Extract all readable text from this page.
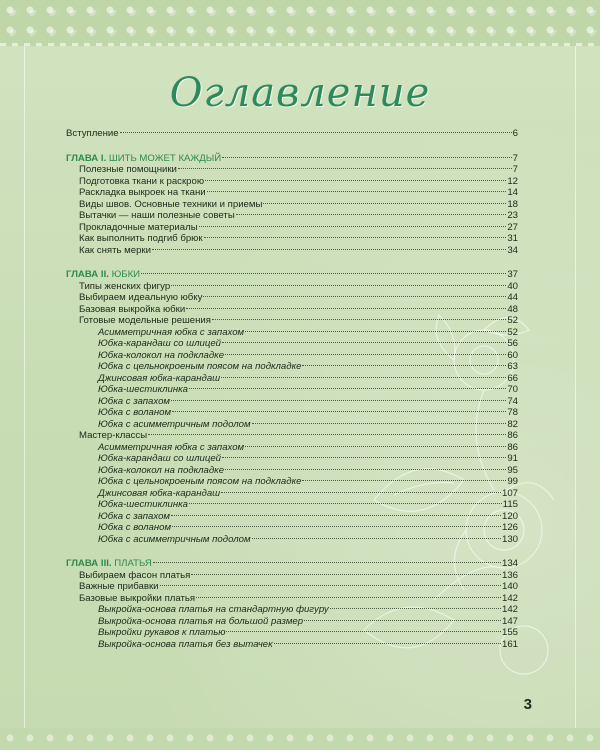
Оглавление
Вступление	6
ГЛАВА I. ШИТЬ МОЖЕТ КАЖДЫЙ	7
Полезные помощники	7
Подготовка ткани к раскрою	12
Раскладка выкроек на ткани	14
Виды швов. Основные техники и приемы	18
Вытачки — наши полезные советы	23
Прокладочные материалы	27
Как выполнить подгиб брюк	31
Как снять мерки	34
ГЛАВА II. ЮБКИ	37
Типы женских фигур	40
Выбираем идеальную юбку	44
Базовая выкройка юбки	48
Готовые модельные решения	52
Асимметричная юбка с запахом	52
Юбка-карандаш со шлицей	56
Юбка-колокол на подкладке	60
Юбка с цельнокроеным поясом на подкладке	63
Джинсовая юбка-карандаш	66
Юбка-шестиклинка	70
Юбка с запахом	74
Юбка с воланом	78
Юбка с асимметричным подолом	82
Мастер-классы	86
Асимметричная юбка с запахом	86
Юбка-карандаш со шлицей	91
Юбка-колокол на подкладке	95
Юбка с цельнокроеным поясом на подкладке	99
Джинсовая юбка-карандаш	107
Юбка-шестиклинка	115
Юбка с запахом	120
Юбка с воланом	126
Юбка с асимметричным подолом	130
ГЛАВА III. ПЛАТЬЯ	134
Выбираем фасон платья	136
Важные прибавки	140
Базовые выкройки платья	142
Выкройка-основа платья на стандартную фигуру	142
Выкройка-основа платья на большой размер	147
Выкройки рукавов к платью	155
Выкройка-основа платья без вытачек	161
3
